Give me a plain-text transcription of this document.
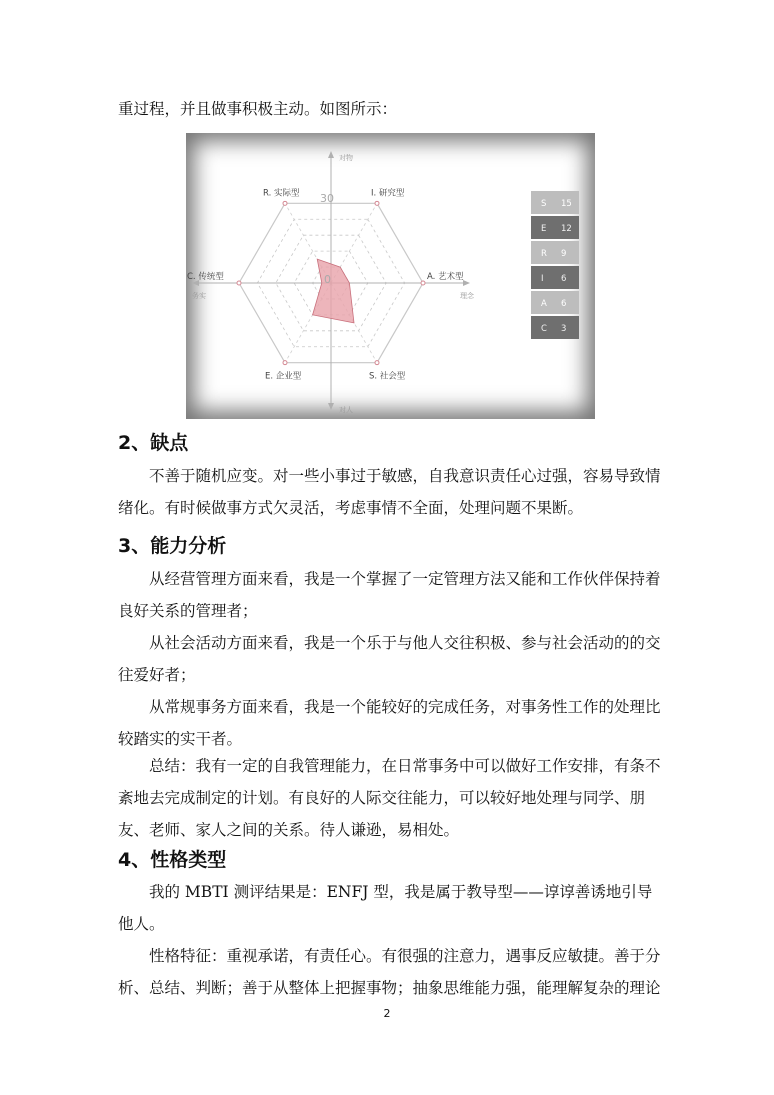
重过程，并且做事积极主动。如图所示：

对物
对人
务实	理念
30
0
I. 研究型
A. 艺术型
S. 社会型
E. 企业型
C. 传统型
R. 实际型
S 15
E 12
R 9
I 6
A 6
C 3
2、缺点

不善于随机应变。对一些小事过于敏感，自我意识责任心过强，容易导致情绪化。有时候做事方式欠灵活，考虑事情不全面，处理问题不果断。

3、能力分析

从经营管理方面来看，我是一个掌握了一定管理方法又能和工作伙伴保持着良好关系的管理者；

从社会活动方面来看，我是一个乐于与他人交往积极、参与社会活动的的交往爱好者；

从常规事务方面来看，我是一个能较好的完成任务，对事务性工作的处理比较踏实的实干者。

总结：我有一定的自我管理能力，在日常事务中可以做好工作安排，有条不紊地去完成制定的计划。有良好的人际交往能力，可以较好地处理与同学、朋友、老师、家人之间的关系。待人谦逊，易相处。

4、性格类型

我的 MBTI 测评结果是：ENFJ 型，我是属于教导型——谆谆善诱地引导他人。

性格特征：重视承诺，有责任心。有很强的注意力，遇事反应敏捷。善于分析、总结、判断；善于从整体上把握事物；抽象思维能力强，能理解复杂的理论

2
